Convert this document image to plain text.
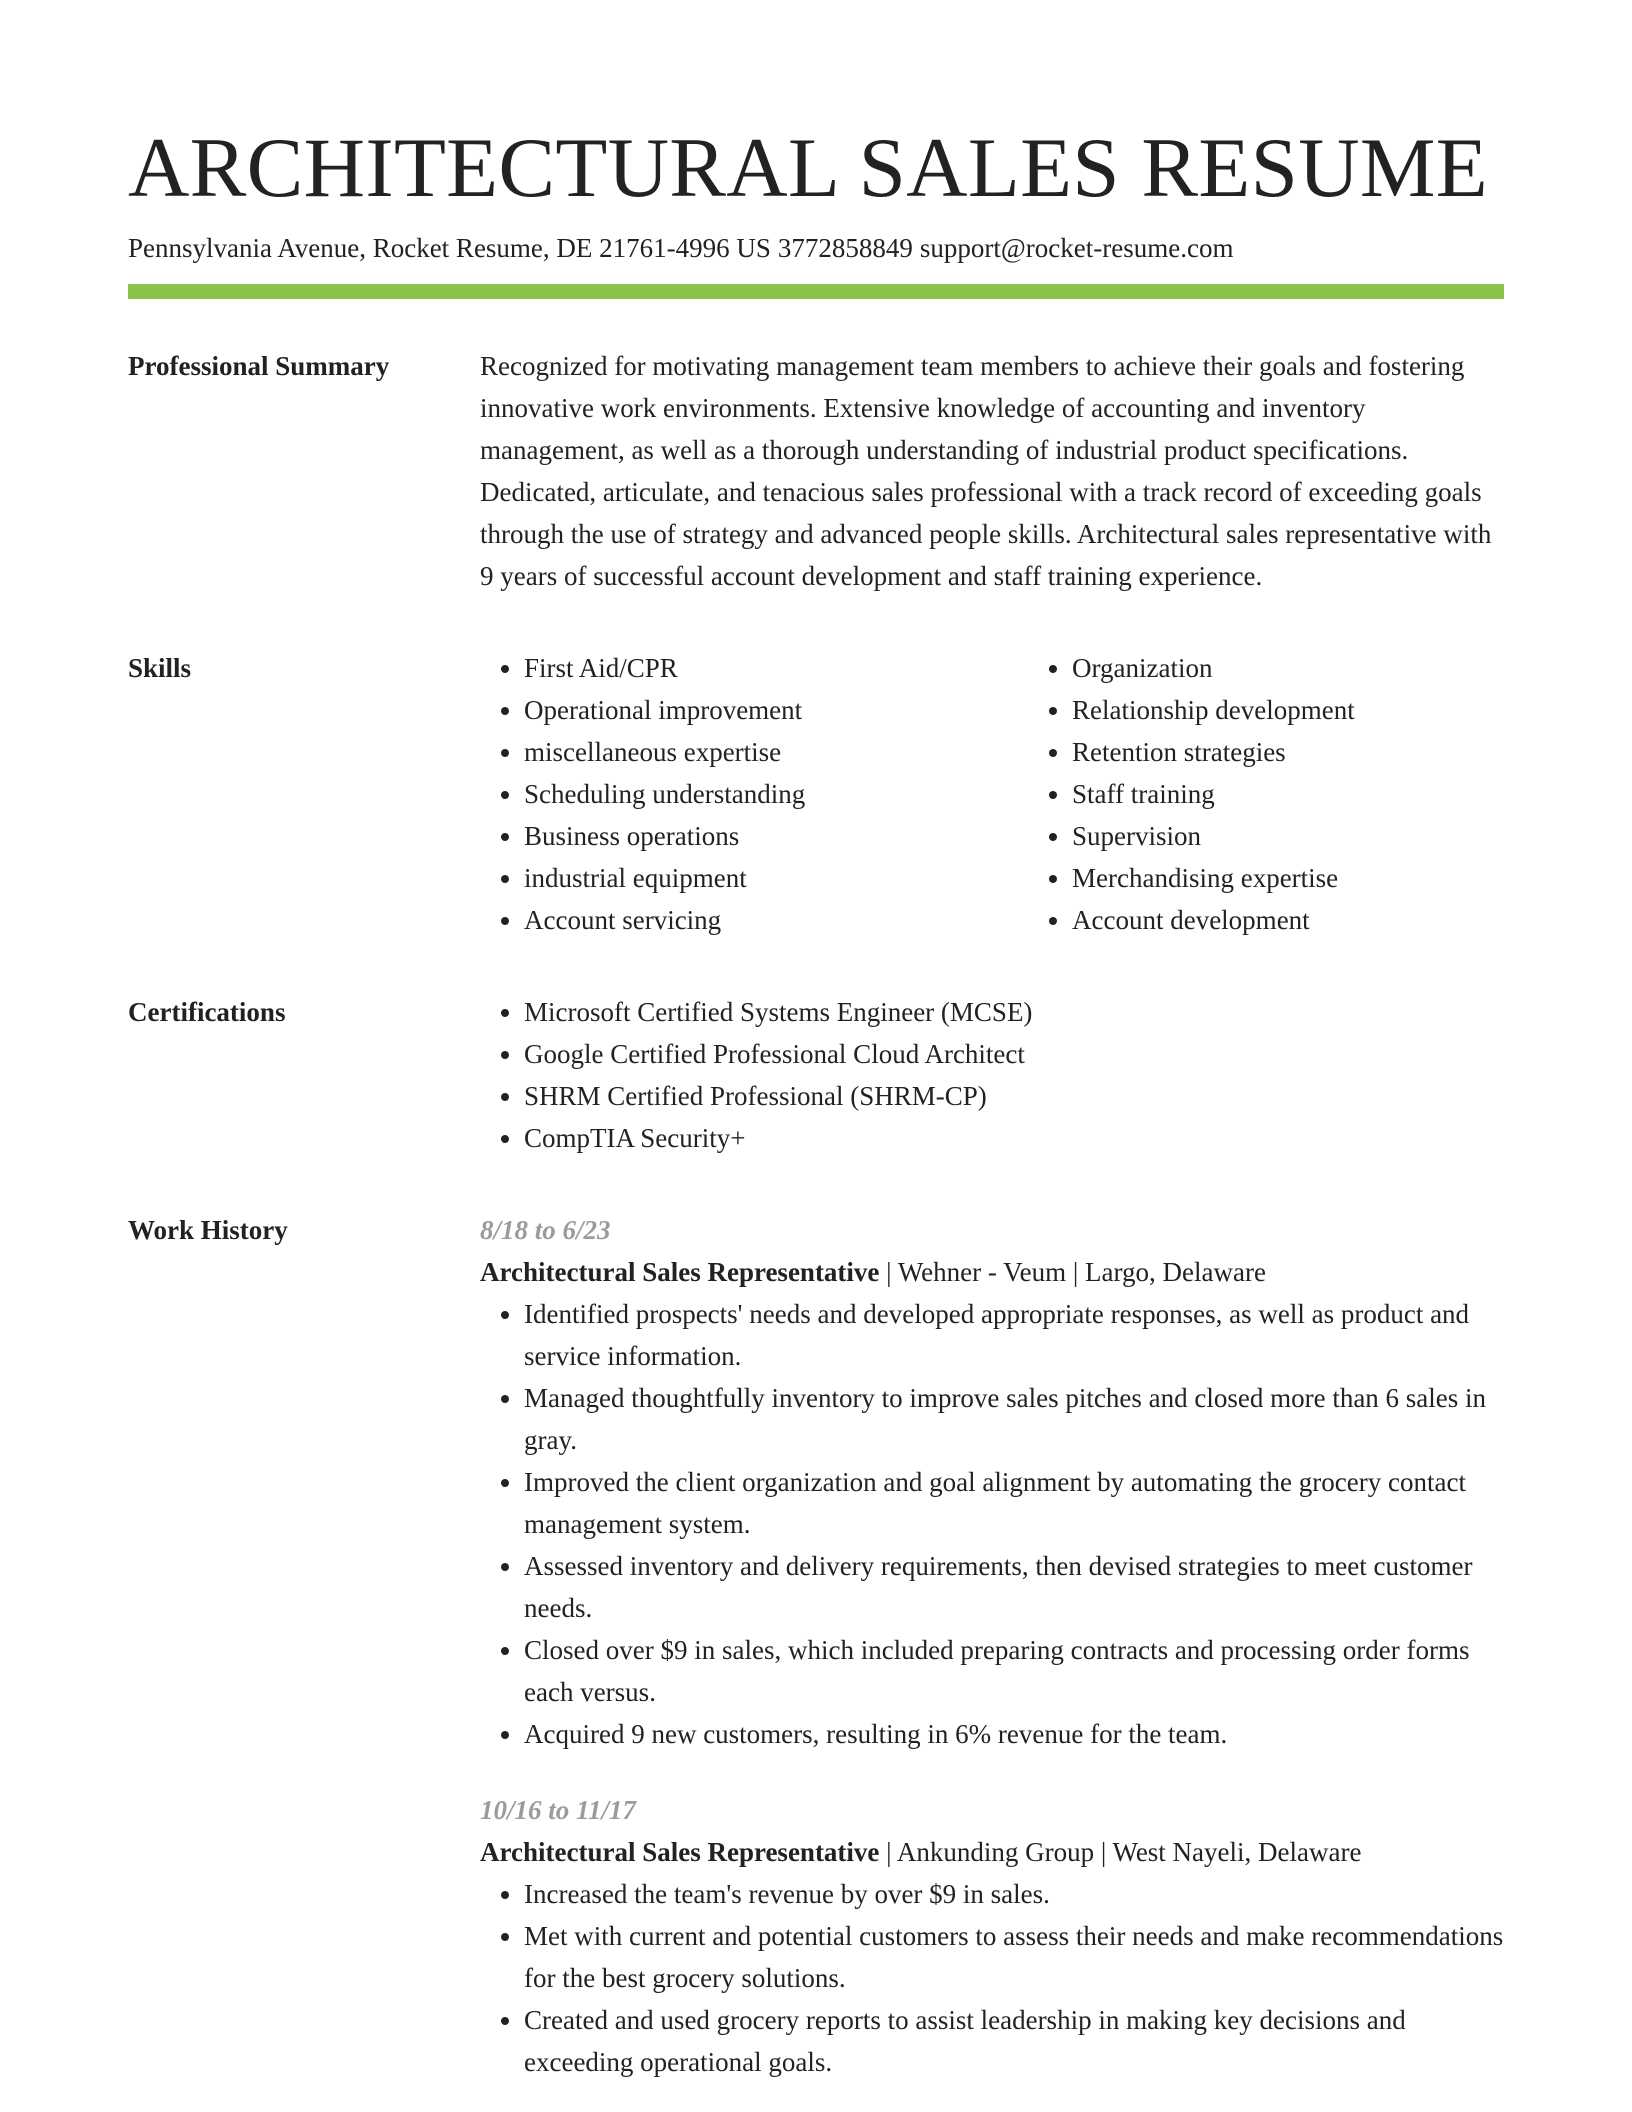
ARCHITECTURAL SALES RESUME
Pennsylvania Avenue, Rocket Resume, DE 21761-4996 US 3772858849 support@rocket-resume.com
Professional Summary	Recognized for motivating management team members to achieve their goals and fostering innovative work environments. Extensive knowledge of accounting and inventory management, as well as a thorough understanding of industrial product specifications. Dedicated, articulate, and tenacious sales professional with a track record of exceeding goals through the use of strategy and advanced people skills. Architectural sales representative with 9 years of successful account development and staff training experience.

Skills	• First Aid/CPR
• Operational improvement
• miscellaneous expertise
• Scheduling understanding
• Business operations
• industrial equipment
• Account servicing
• Organization
• Relationship development
• Retention strategies
• Staff training
• Supervision
• Merchandising expertise
• Account development
Certifications	• Microsoft Certified Systems Engineer (MCSE)
• Google Certified Professional Cloud Architect
• SHRM Certified Professional (SHRM-CP)
• CompTIA Security+
Work History	8/18 to 6/23
Architectural Sales Representative | Wehner - Veum | Largo, Delaware
• Identified prospects' needs and developed appropriate responses, as well as product and service information.
• Managed thoughtfully inventory to improve sales pitches and closed more than 6 sales in gray.
• Improved the client organization and goal alignment by automating the grocery contact management system.
• Assessed inventory and delivery requirements, then devised strategies to meet customer needs.
• Closed over $9 in sales, which included preparing contracts and processing order forms each versus.
• Acquired 9 new customers, resulting in 6% revenue for the team.
10/16 to 11/17
Architectural Sales Representative | Ankunding Group | West Nayeli, Delaware
• Increased the team's revenue by over $9 in sales.
• Met with current and potential customers to assess their needs and make recommendations for the best grocery solutions.
• Created and used grocery reports to assist leadership in making key decisions and exceeding operational goals.
